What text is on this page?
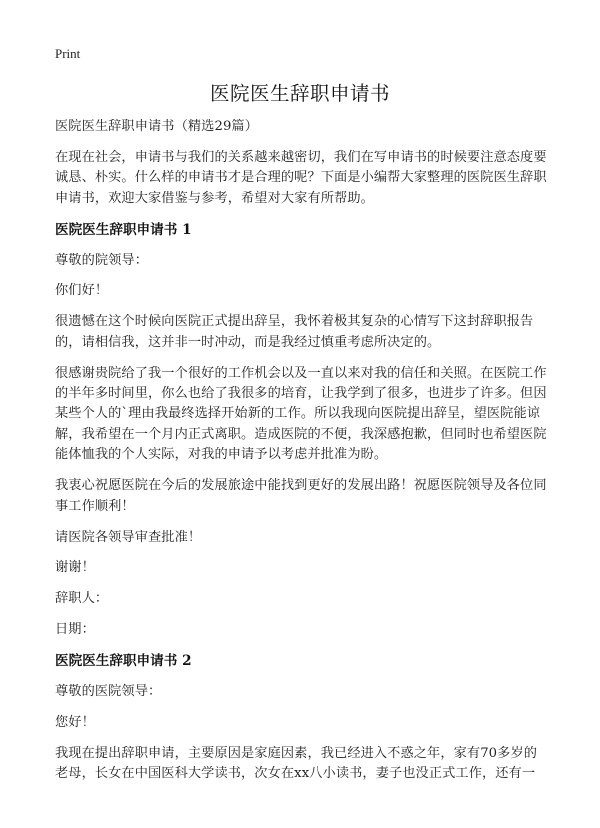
Print
医院医生辞职申请书
医院医生辞职申请书（精选29篇）
在现在社会，申请书与我们的关系越来越密切，我们在写申请书的时候要注意态度要诚恳、朴实。什么样的申请书才是合理的呢？下面是小编帮大家整理的医院医生辞职申请书，欢迎大家借鉴与参考，希望对大家有所帮助。
医院医生辞职申请书 1
尊敬的院领导：
你们好！
很遗憾在这个时候向医院正式提出辞呈，我怀着极其复杂的心情写下这封辞职报告的，请相信我，这并非一时冲动，而是我经过慎重考虑所决定的。
很感谢贵院给了我一个很好的工作机会以及一直以来对我的信任和关照。在医院工作的半年多时间里，你么也给了我很多的培育，让我学到了很多，也进步了许多。但因某些个人的`理由我最终选择开始新的工作。所以我现向医院提出辞呈，望医院能谅解，我希望在一个月内正式离职。造成医院的不便，我深感抱歉，但同时也希望医院能体恤我的个人实际，对我的申请予以考虑并批准为盼。
我衷心祝愿医院在今后的发展旅途中能找到更好的发展出路！祝愿医院领导及各位同事工作顺利！
请医院各领导审查批准！
谢谢！
辞职人：
日期：
医院医生辞职申请书 2
尊敬的医院领导：
您好！
我现在提出辞职申请，主要原因是家庭因素，我已经进入不惑之年，家有70多岁的老母，长女在中国医科大学读书，次女在xx八小读书，妻子也没正式工作，还有一
